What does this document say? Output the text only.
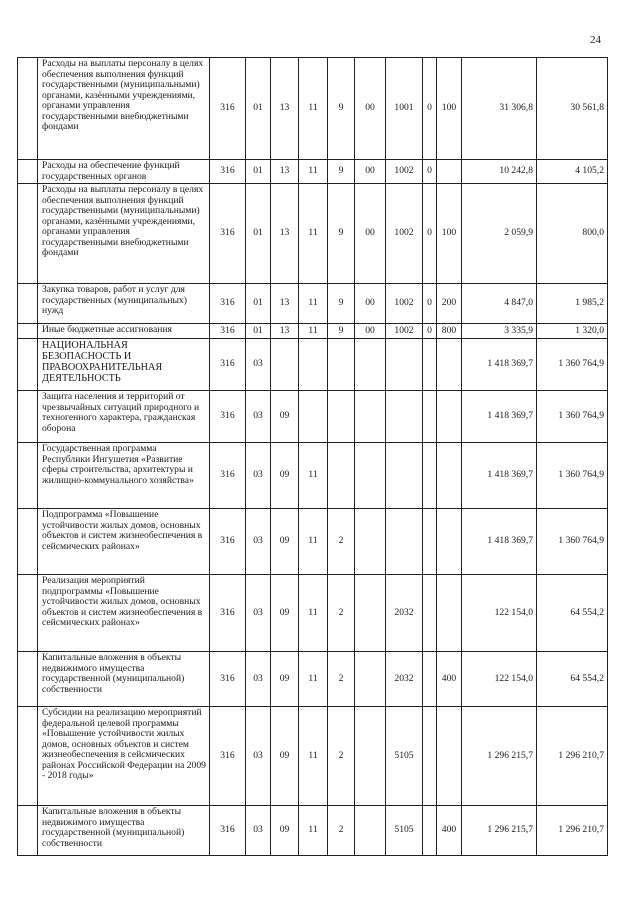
24
	Расходы на выплаты персоналу в целях обеспечения выполнения функций государственными (муниципальными) органами, казёнными учреждениями, органами управления государственными внебюджетными фондами	316	01	13	11	9	00	1001	0	100	31 306,8	30 561,8
	Расходы на обеспечение функций государственных органов	316	01	13	11	9	00	1002	0		10 242,8	4 105,2
	Расходы на выплаты персоналу в целях обеспечения выполнения функций государственными (муниципальными) органами, казёнными учреждениями, органами управления государственными внебюджетными фондами	316	01	13	11	9	00	1002	0	100	2 059,9	800,0
	Закупка товаров, работ и услуг для государственных (муниципальных) нужд	316	01	13	11	9	00	1002	0	200	4 847,0	1 985,2
	Иные бюджетные ассигнования	316	01	13	11	9	00	1002	0	800	3 335,9	1 320,0
	НАЦИОНАЛЬНАЯ БЕЗОПАСНОСТЬ И ПРАВООХРАНИТЕЛЬНАЯ ДЕЯТЕЛЬНОСТЬ	316	03								1 418 369,7	1 360 764,9
	Защита населения и территорий от чрезвычайных ситуаций природного и техногенного характера, гражданская оборона	316	03	09							1 418 369,7	1 360 764,9
	Государственная программа Республики Ингушетия «Развитие сферы строительства, архитектуры и жилищно-коммунального хозяйства»	316	03	09	11						1 418 369,7	1 360 764,9
	Подпрограмма «Повышение устойчивости жилых домов, основных объектов и систем жизнеобеспечения в сейсмических районах»	316	03	09	11	2					1 418 369,7	1 360 764,9
	Реализация мероприятий подпрограммы «Повышение устойчивости жилых домов, основных объектов и систем жизнеобеспечения в сейсмических районах»	316	03	09	11	2		2032			122 154,0	64 554,2
	Капитальные вложения в объекты недвижимого имущества государственной (муниципальной) собственности	316	03	09	11	2		2032		400	122 154,0	64 554,2
	Субсидии на реализацию мероприятий федеральной целевой программы «Повышение устойчивости жилых домов, основных объектов и систем жизнеобеспечения в сейсмических районах Российской Федерации на 2009 - 2018 годы»	316	03	09	11	2		5105			1 296 215,7	1 296 210,7
	Капитальные вложения в объекты недвижимого имущества государственной (муниципальной) собственности	316	03	09	11	2		5105		400	1 296 215,7	1 296 210,7
